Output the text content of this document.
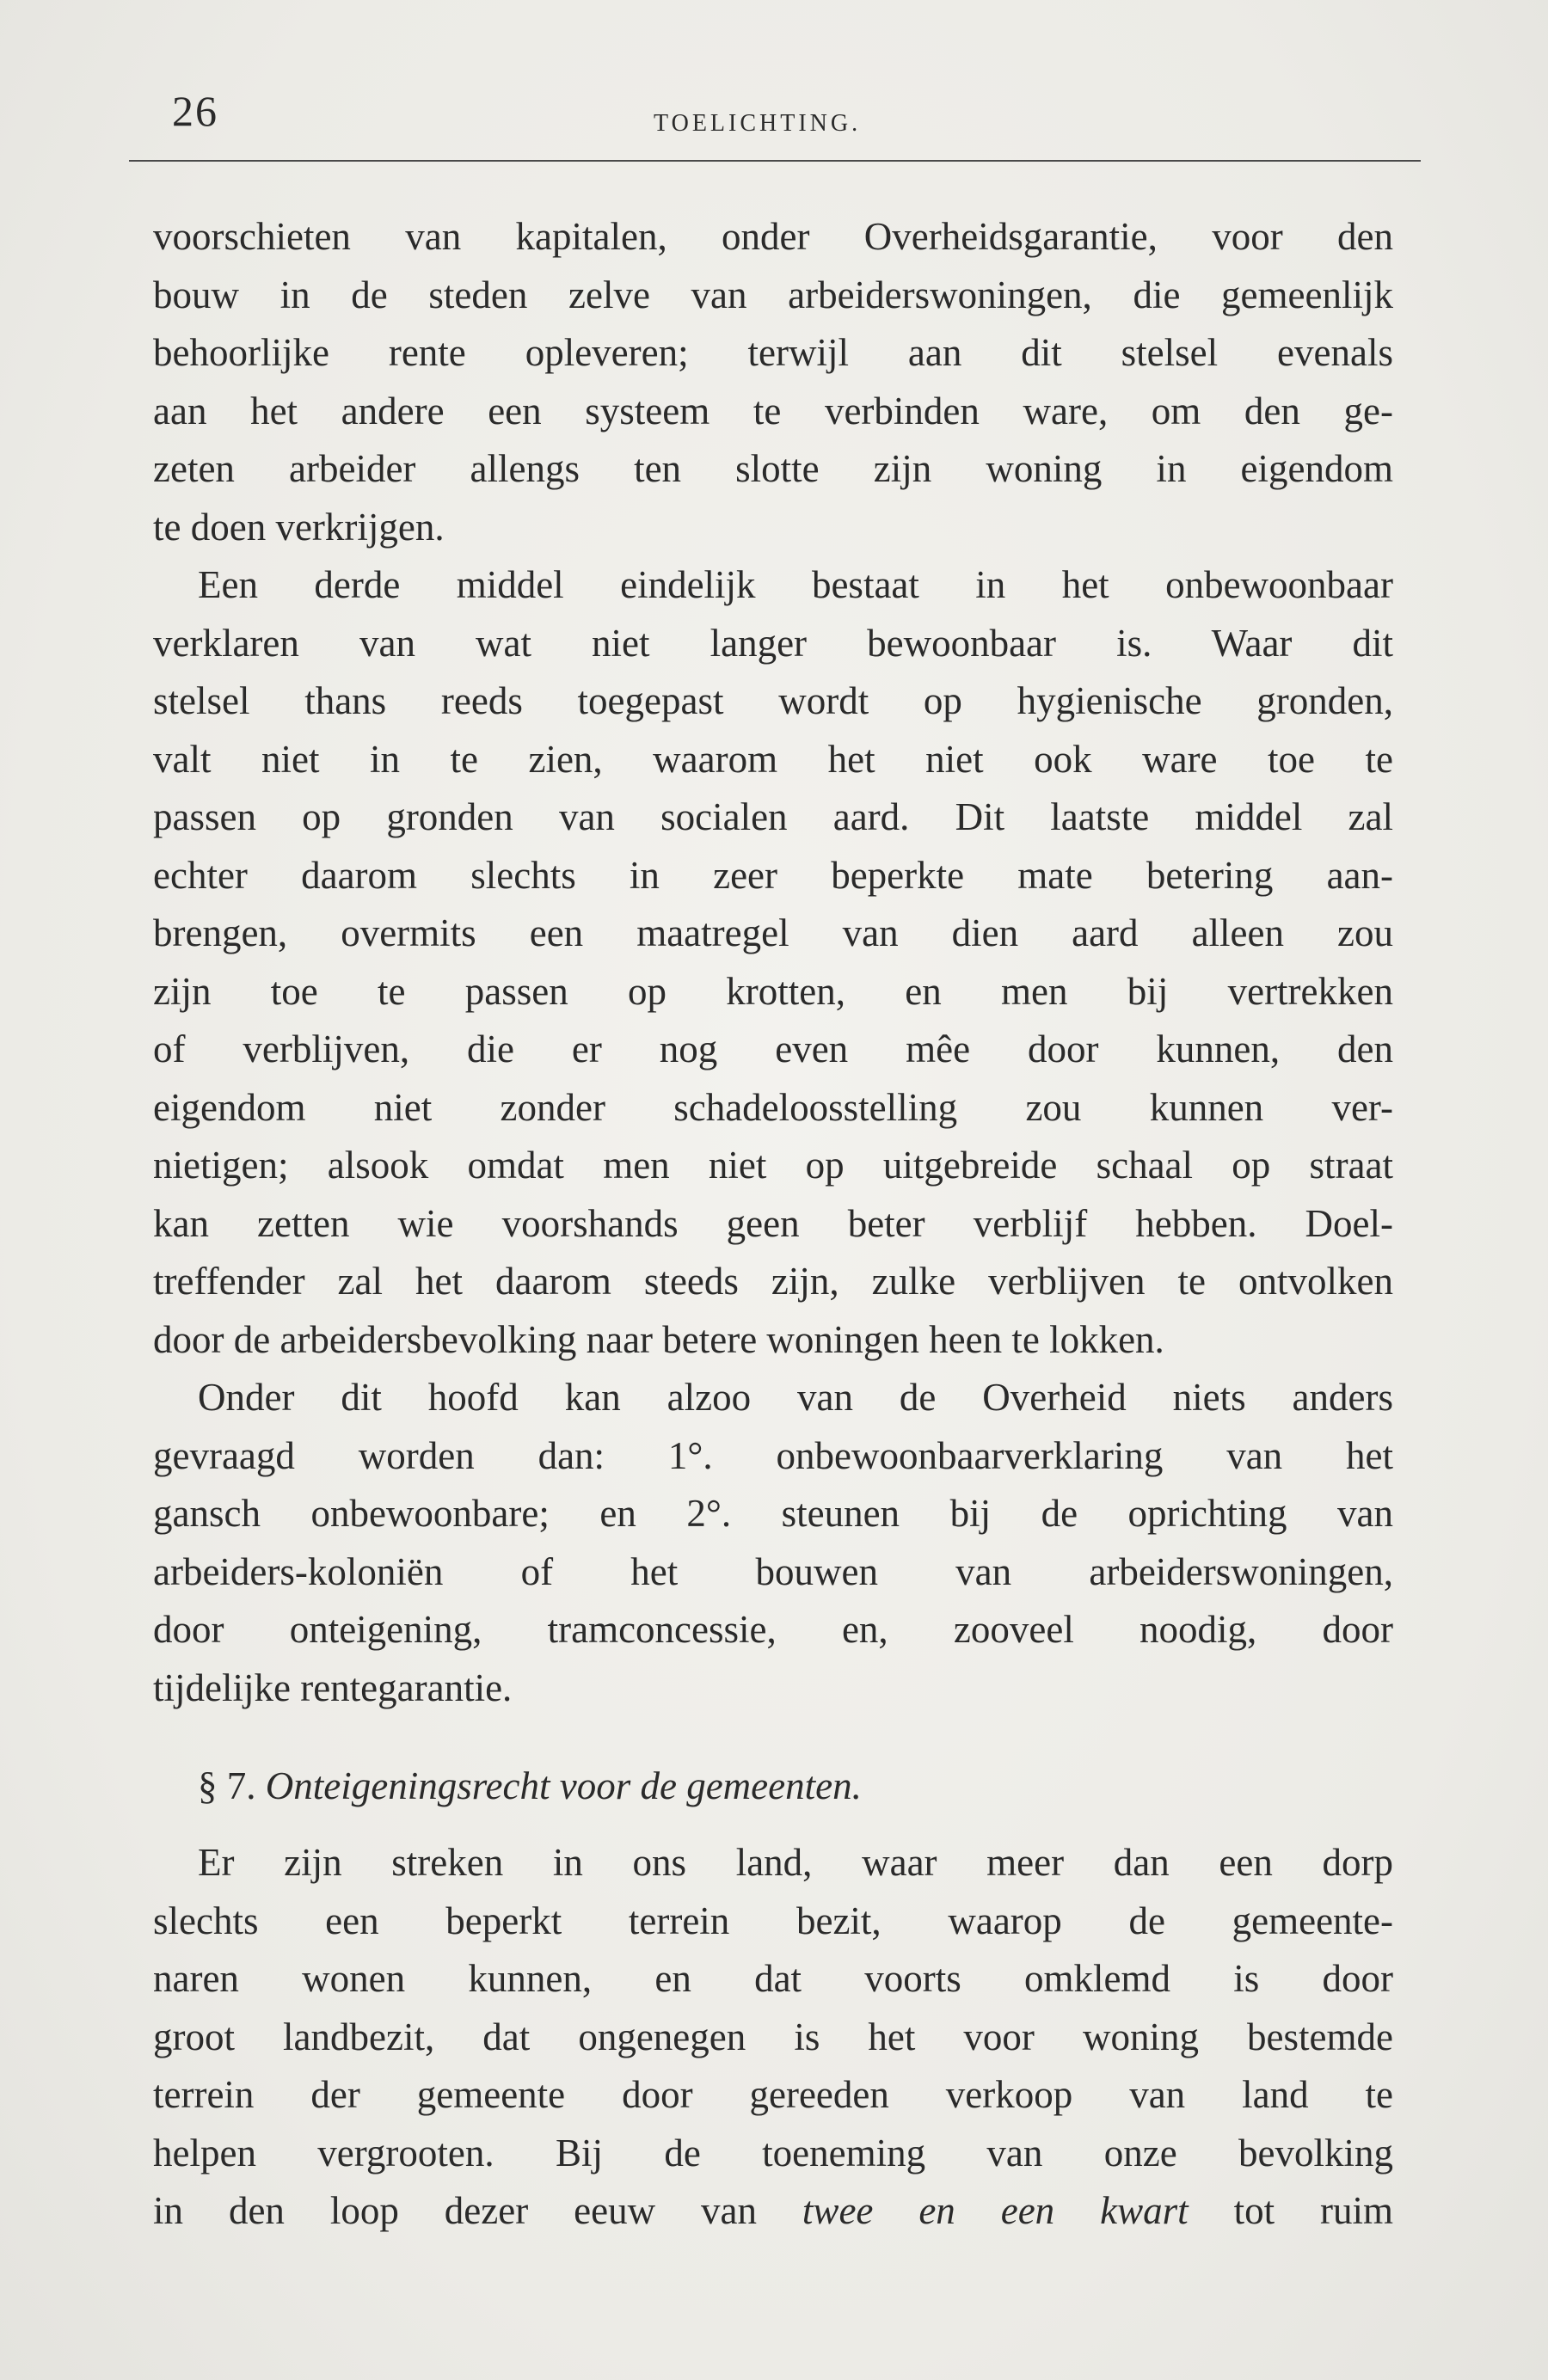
26	TOELICHTING.
voorschieten van kapitalen, onder Overheidsgarantie, voor den
bouw in de steden zelve van arbeiderswoningen, die gemeenlijk
behoorlijke rente opleveren; terwijl aan dit stelsel evenals
aan het andere een systeem te verbinden ware, om den ge-
zeten arbeider allengs ten slotte zijn woning in eigendom
te doen verkrijgen.
Een derde middel eindelijk bestaat in het onbewoonbaar
verklaren van wat niet langer bewoonbaar is. Waar dit
stelsel thans reeds toegepast wordt op hygienische gronden,
valt niet in te zien, waarom het niet ook ware toe te
passen op gronden van socialen aard. Dit laatste middel zal
echter daarom slechts in zeer beperkte mate betering aan-
brengen, overmits een maatregel van dien aard alleen zou
zijn toe te passen op krotten, en men bij vertrekken
of verblijven, die er nog even mêe door kunnen, den
eigendom niet zonder schadeloosstelling zou kunnen ver-
nietigen; alsook omdat men niet op uitgebreide schaal op straat
kan zetten wie voorshands geen beter verblijf hebben. Doel-
treffender zal het daarom steeds zijn, zulke verblijven te ontvolken
door de arbeidersbevolking naar betere woningen heen te lokken.
Onder dit hoofd kan alzoo van de Overheid niets anders
gevraagd worden dan: 1°. onbewoonbaarverklaring van het
gansch onbewoonbare; en 2°. steunen bij de oprichting van
arbeiders-koloniën of het bouwen van arbeiderswoningen,
door onteigening, tramconcessie, en, zooveel noodig, door
tijdelijke rentegarantie.
§ 7. Onteigeningsrecht voor de gemeenten.
Er zijn streken in ons land, waar meer dan een dorp
slechts een beperkt terrein bezit, waarop de gemeente-
naren wonen kunnen, en dat voorts omklemd is door
groot landbezit, dat ongenegen is het voor woning bestemde
terrein der gemeente door gereeden verkoop van land te
helpen vergrooten. Bij de toeneming van onze bevolking
in den loop dezer eeuw van twee en een kwart tot ruim
